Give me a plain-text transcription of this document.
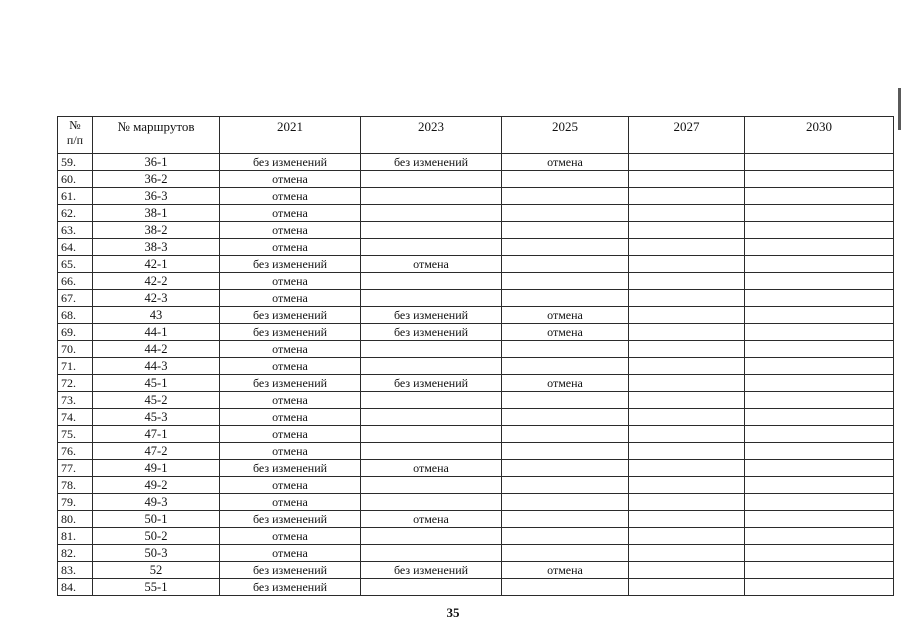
№
п/п	№ маршрутов	2021	2023	2025	2027	2030
59.	36-1	без изменений	без изменений	отмена		
60.	36-2	отмена				
61.	36-3	отмена				
62.	38-1	отмена				
63.	38-2	отмена				
64.	38-3	отмена				
65.	42-1	без изменений	отмена			
66.	42-2	отмена				
67.	42-3	отмена				
68.	43	без изменений	без изменений	отмена		
69.	44-1	без изменений	без изменений	отмена		
70.	44-2	отмена				
71.	44-3	отмена				
72.	45-1	без изменений	без изменений	отмена		
73.	45-2	отмена				
74.	45-3	отмена				
75.	47-1	отмена				
76.	47-2	отмена				
77.	49-1	без изменений	отмена			
78.	49-2	отмена				
79.	49-3	отмена				
80.	50-1	без изменений	отмена			
81.	50-2	отмена				
82.	50-3	отмена				
83.	52	без изменений	без изменений	отмена		
84.	55-1	без изменений				
35
